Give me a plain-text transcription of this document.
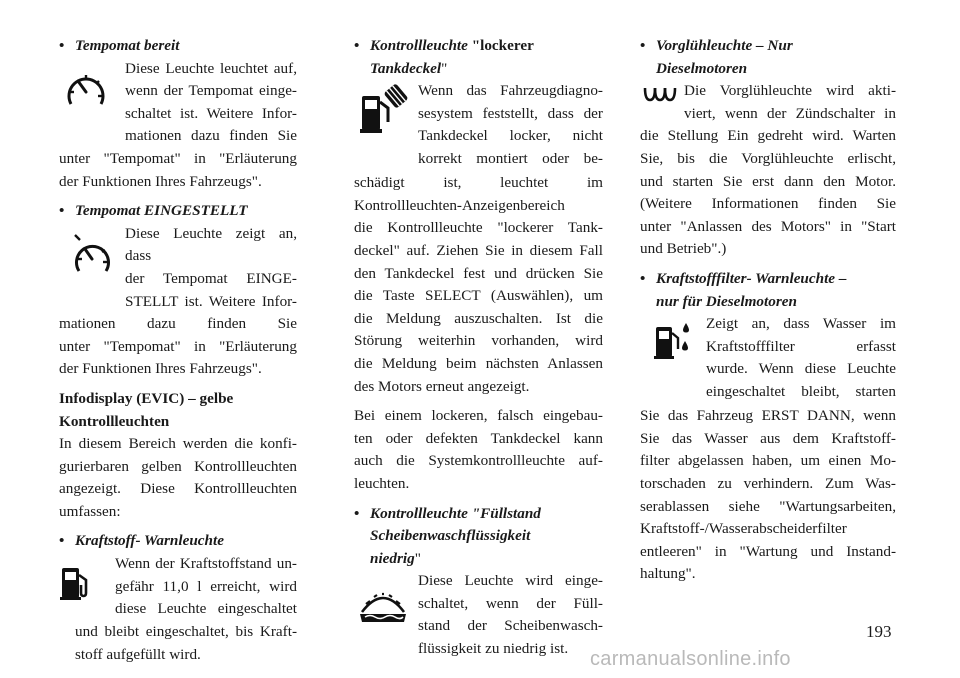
• Tempomat bereit
Diese Leuchte leuchtet auf,
wenn der Tempomat einge-
schaltet ist. Weitere Infor-
mationen dazu finden Sie
unter "Tempomat" in "Erläuterung
der Funktionen Ihres Fahrzeugs".
• Tempomat EINGESTELLT
Diese Leuchte zeigt an, dass
der Tempomat EINGE-
STELLT ist. Weitere Infor-
mationen dazu finden Sie
unter "Tempomat" in "Erläuterung
der Funktionen Ihres Fahrzeugs".
Infodisplay (EVIC) – gelbe
Kontrollleuchten
In diesem Bereich werden die konfi-
gurierbaren gelben Kontrollleuchten
angezeigt. Diese Kontrollleuchten
umfassen:
• Kraftstoff- Warnleuchte
Wenn der Kraftstoffstand un-
gefähr 11,0 l erreicht, wird
diese Leuchte eingeschaltet
und bleibt eingeschaltet, bis Kraft-
stoff aufgefüllt wird.
• Kontrollleuchte "lockerer
Tankdeckel"
Wenn das Fahrzeugdiagno-
sesystem feststellt, dass der
Tankdeckel locker, nicht
korrekt montiert oder be-
schädigt ist, leuchtet im
Kontrollleuchten-Anzeigenbereich
die Kontrollleuchte "lockerer Tank-
deckel" auf. Ziehen Sie in diesem Fall
den Tankdeckel fest und drücken Sie
die Taste SELECT (Auswählen), um
die Meldung auszuschalten. Ist die
Störung weiterhin vorhanden, wird
die Meldung beim nächsten Anlassen
des Motors erneut angezeigt.
Bei einem lockeren, falsch eingebau-
ten oder defekten Tankdeckel kann
auch die Systemkontrollleuchte auf-
leuchten.
• Kontrollleuchte "Füllstand
Scheibenwaschflüssigkeit
niedrig"
Diese Leuchte wird einge-
schaltet, wenn der Füll-
stand der Scheibenwasch-
flüssigkeit zu niedrig ist.
• Vorglühleuchte – Nur
Dieselmotoren
Die Vorglühleuchte wird akti-
viert, wenn der Zündschalter in
die Stellung Ein gedreht wird. Warten
Sie, bis die Vorglühleuchte erlischt,
und starten Sie erst dann den Motor.
(Weitere Informationen finden Sie
unter "Anlassen des Motors" in "Start
und Betrieb".)
• Kraftstofffilter- Warnleuchte –
nur für Dieselmotoren
Zeigt an, dass Wasser im
Kraftstofffilter erfasst
wurde. Wenn diese Leuchte
eingeschaltet bleibt, starten
Sie das Fahrzeug ERST DANN, wenn
Sie das Wasser aus dem Kraftstoff-
filter abgelassen haben, um einen Mo-
torschaden zu verhindern. Zum Was-
serablassen siehe "Wartungsarbeiten,
Kraftstoff-/Wasserabscheiderfilter
entleeren" in "Wartung und Instand-
haltung".
193
carmanualsonline.info
